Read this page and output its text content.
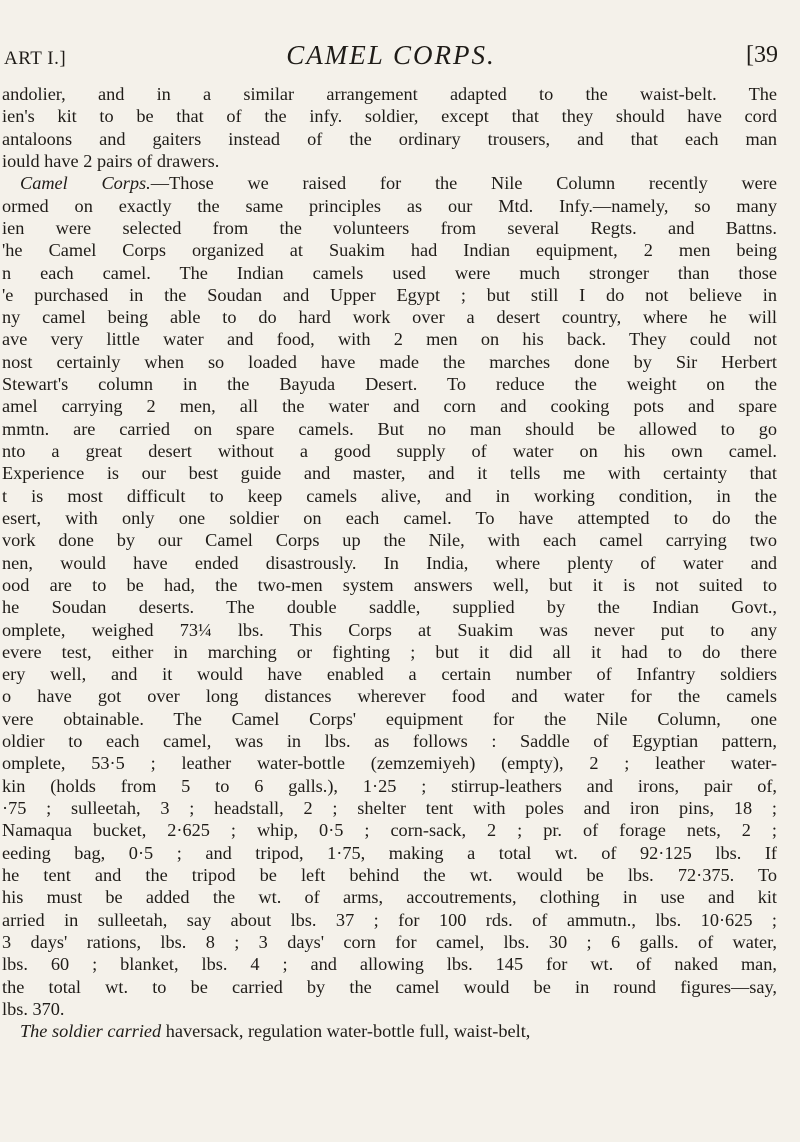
ART I.]	CAMEL CORPS.	[39
andolier, and in a similar arrangement adapted to the waist-belt. The
ien's kit to be that of the infy. soldier, except that they should have cord
antaloons and gaiters instead of the ordinary trousers, and that each man
iould have 2 pairs of drawers.
Camel Corps.—Those we raised for the Nile Column recently were
ormed on exactly the same principles as our Mtd. Infy.—namely, so many
ien were selected from the volunteers from several Regts. and Battns.
'he Camel Corps organized at Suakim had Indian equipment, 2 men being
n each camel. The Indian camels used were much stronger than those
'e purchased in the Soudan and Upper Egypt ; but still I do not believe in
ny camel being able to do hard work over a desert country, where he will
ave very little water and food, with 2 men on his back. They could not
nost certainly when so loaded have made the marches done by Sir Herbert
Stewart's column in the Bayuda Desert. To reduce the weight on the
amel carrying 2 men, all the water and corn and cooking pots and spare
mmtn. are carried on spare camels. But no man should be allowed to go
nto a great desert without a good supply of water on his own camel.
Experience is our best guide and master, and it tells me with certainty that
t is most difficult to keep camels alive, and in working condition, in the
esert, with only one soldier on each camel. To have attempted to do the
vork done by our Camel Corps up the Nile, with each camel carrying two
nen, would have ended disastrously. In India, where plenty of water and
ood are to be had, the two-men system answers well, but it is not suited to
he Soudan deserts. The double saddle, supplied by the Indian Govt.,
omplete, weighed 73¼ lbs. This Corps at Suakim was never put to any
evere test, either in marching or fighting ; but it did all it had to do there
ery well, and it would have enabled a certain number of Infantry soldiers
o have got over long distances wherever food and water for the camels
vere obtainable. The Camel Corps' equipment for the Nile Column, one
oldier to each camel, was in lbs. as follows : Saddle of Egyptian pattern,
omplete, 53·5 ; leather water-bottle (zemzemiyeh) (empty), 2 ; leather water-
kin (holds from 5 to 6 galls.), 1·25 ; stirrup-leathers and irons, pair of,
·75 ; sulleetah, 3 ; headstall, 2 ; shelter tent with poles and iron pins, 18 ;
Namaqua bucket, 2·625 ; whip, 0·5 ; corn-sack, 2 ; pr. of forage nets, 2 ;
eeding bag, 0·5 ; and tripod, 1·75, making a total wt. of 92·125 lbs. If
he tent and the tripod be left behind the wt. would be lbs. 72·375. To
his must be added the wt. of arms, accoutrements, clothing in use and kit
arried in sulleetah, say about lbs. 37 ; for 100 rds. of ammutn., lbs. 10·625 ;
3 days' rations, lbs. 8 ; 3 days' corn for camel, lbs. 30 ; 6 galls. of water,
lbs. 60 ; blanket, lbs. 4 ; and allowing lbs. 145 for wt. of naked man,
the total wt. to be carried by the camel would be in round figures—say,
lbs. 370.
The soldier carried haversack, regulation water-bottle full, waist-belt,
